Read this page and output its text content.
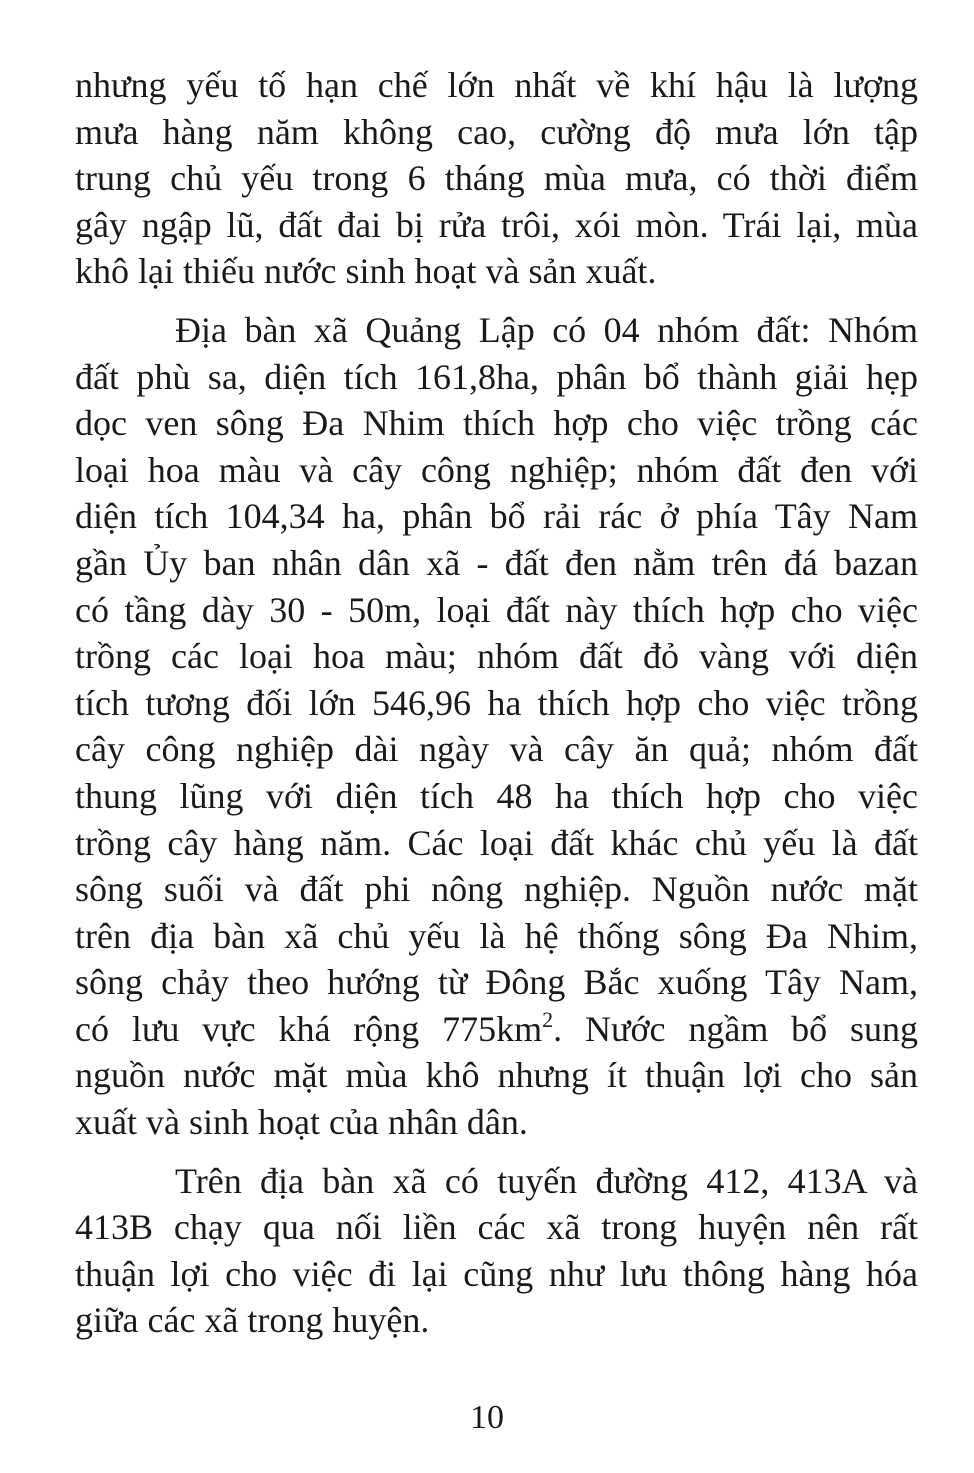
nhưng yếu tố hạn chế lớn nhất về khí hậu là lượng
mưa hàng năm không cao, cường độ mưa lớn tập
trung chủ yếu trong 6 tháng mùa mưa, có thời điểm
gây ngập lũ, đất đai bị rửa trôi, xói mòn. Trái lại, mùa
khô lại thiếu nước sinh hoạt và sản xuất.
Địa bàn xã Quảng Lập có 04 nhóm đất: Nhóm
đất phù sa, diện tích 161,8ha, phân bổ thành giải hẹp
dọc ven sông Đa Nhim thích hợp cho việc trồng các
loại hoa màu và cây công nghiệp; nhóm đất đen với
diện tích 104,34 ha, phân bổ rải rác ở phía Tây Nam
gần Ủy ban nhân dân xã - đất đen nằm trên đá bazan
có tầng dày 30 - 50m, loại đất này thích hợp cho việc
trồng các loại hoa màu; nhóm đất đỏ vàng với diện
tích tương đối lớn 546,96 ha thích hợp cho việc trồng
cây công nghiệp dài ngày và cây ăn quả; nhóm đất
thung lũng với diện tích 48 ha thích hợp cho việc
trồng cây hàng năm. Các loại đất khác chủ yếu là đất
sông suối và đất phi nông nghiệp. Nguồn nước mặt
trên địa bàn xã chủ yếu là hệ thống sông Đa Nhim,
sông chảy theo hướng từ Đông Bắc xuống Tây Nam,
có lưu vực khá rộng $775km^2$. Nước ngầm bổ sung
nguồn nước mặt mùa khô nhưng ít thuận lợi cho sản
xuất và sinh hoạt của nhân dân.
Trên địa bàn xã có tuyến đường 412, 413A và
413B chạy qua nối liền các xã trong huyện nên rất
thuận lợi cho việc đi lại cũng như lưu thông hàng hóa
giữa các xã trong huyện.
10
